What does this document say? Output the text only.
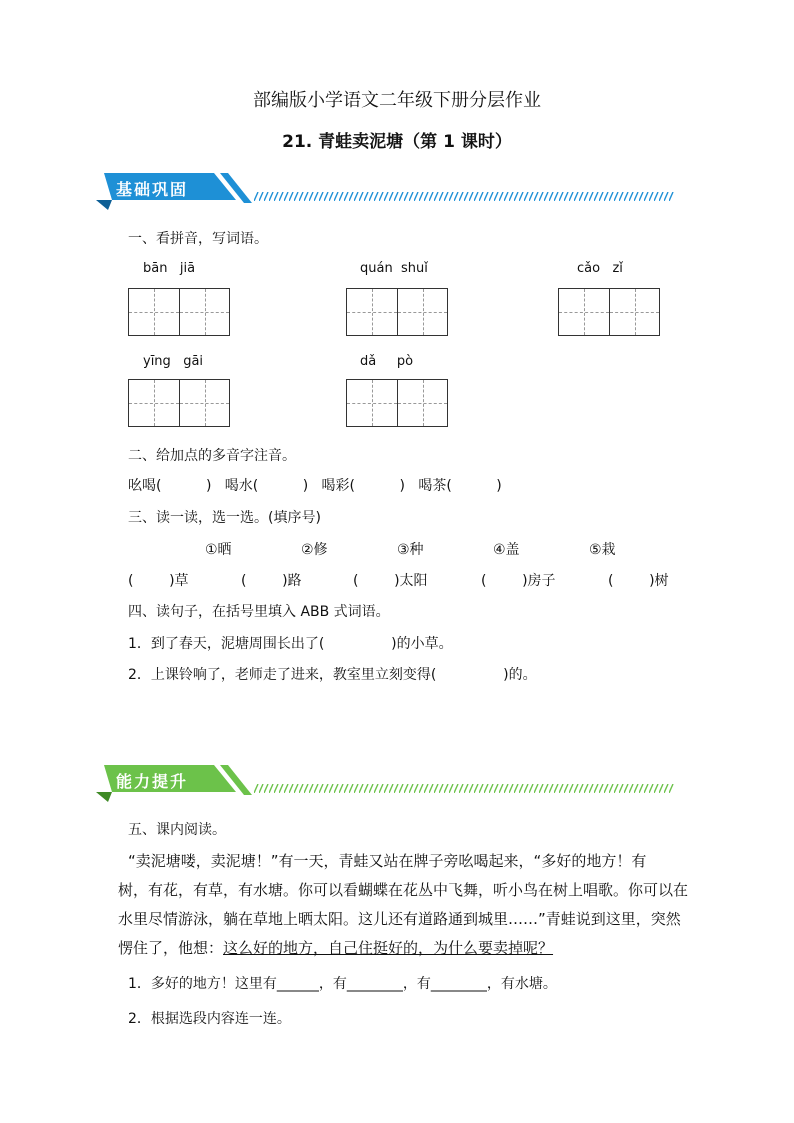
部编版小学语文二年级下册分层作业
21. 青蛙卖泥塘（第 1 课时）
基础巩固
一、看拼音，写词语。
bān   jiā	quán  shuǐ	cǎo   zǐ
yīng   gāi	dǎ     pò
二、给加点的多音字注音。
吆喝(          )   喝水(          )   喝彩(          )   喝茶(          )
三、读一读，选一选。(填序号)
①晒	②修	③种	④盖	⑤栽
(        )草	(        )路	(        )太阳	(        )房子	(        )树
四、读句子，在括号里填入 ABB 式词语。
1．到了春天，泥塘周围长出了(               )的小草。
2．上课铃响了，老师走了进来，教室里立刻变得(               )的。
能力提升
五、课内阅读。
“卖泥塘喽，卖泥塘！”有一天，青蛙又站在牌子旁吆喝起来，“多好的地方！有
树，有花，有草，有水塘。你可以看蝴蝶在花丛中飞舞，听小鸟在树上唱歌。你可以在
水里尽情游泳，躺在草地上晒太阳。这儿还有道路通到城里……”青蛙说到这里，突然
愣住了，他想：这么好的地方，自己住挺好的，为什么要卖掉呢？
1．多好的地方！这里有______，有________，有________，有水塘。
2．根据选段内容连一连。
